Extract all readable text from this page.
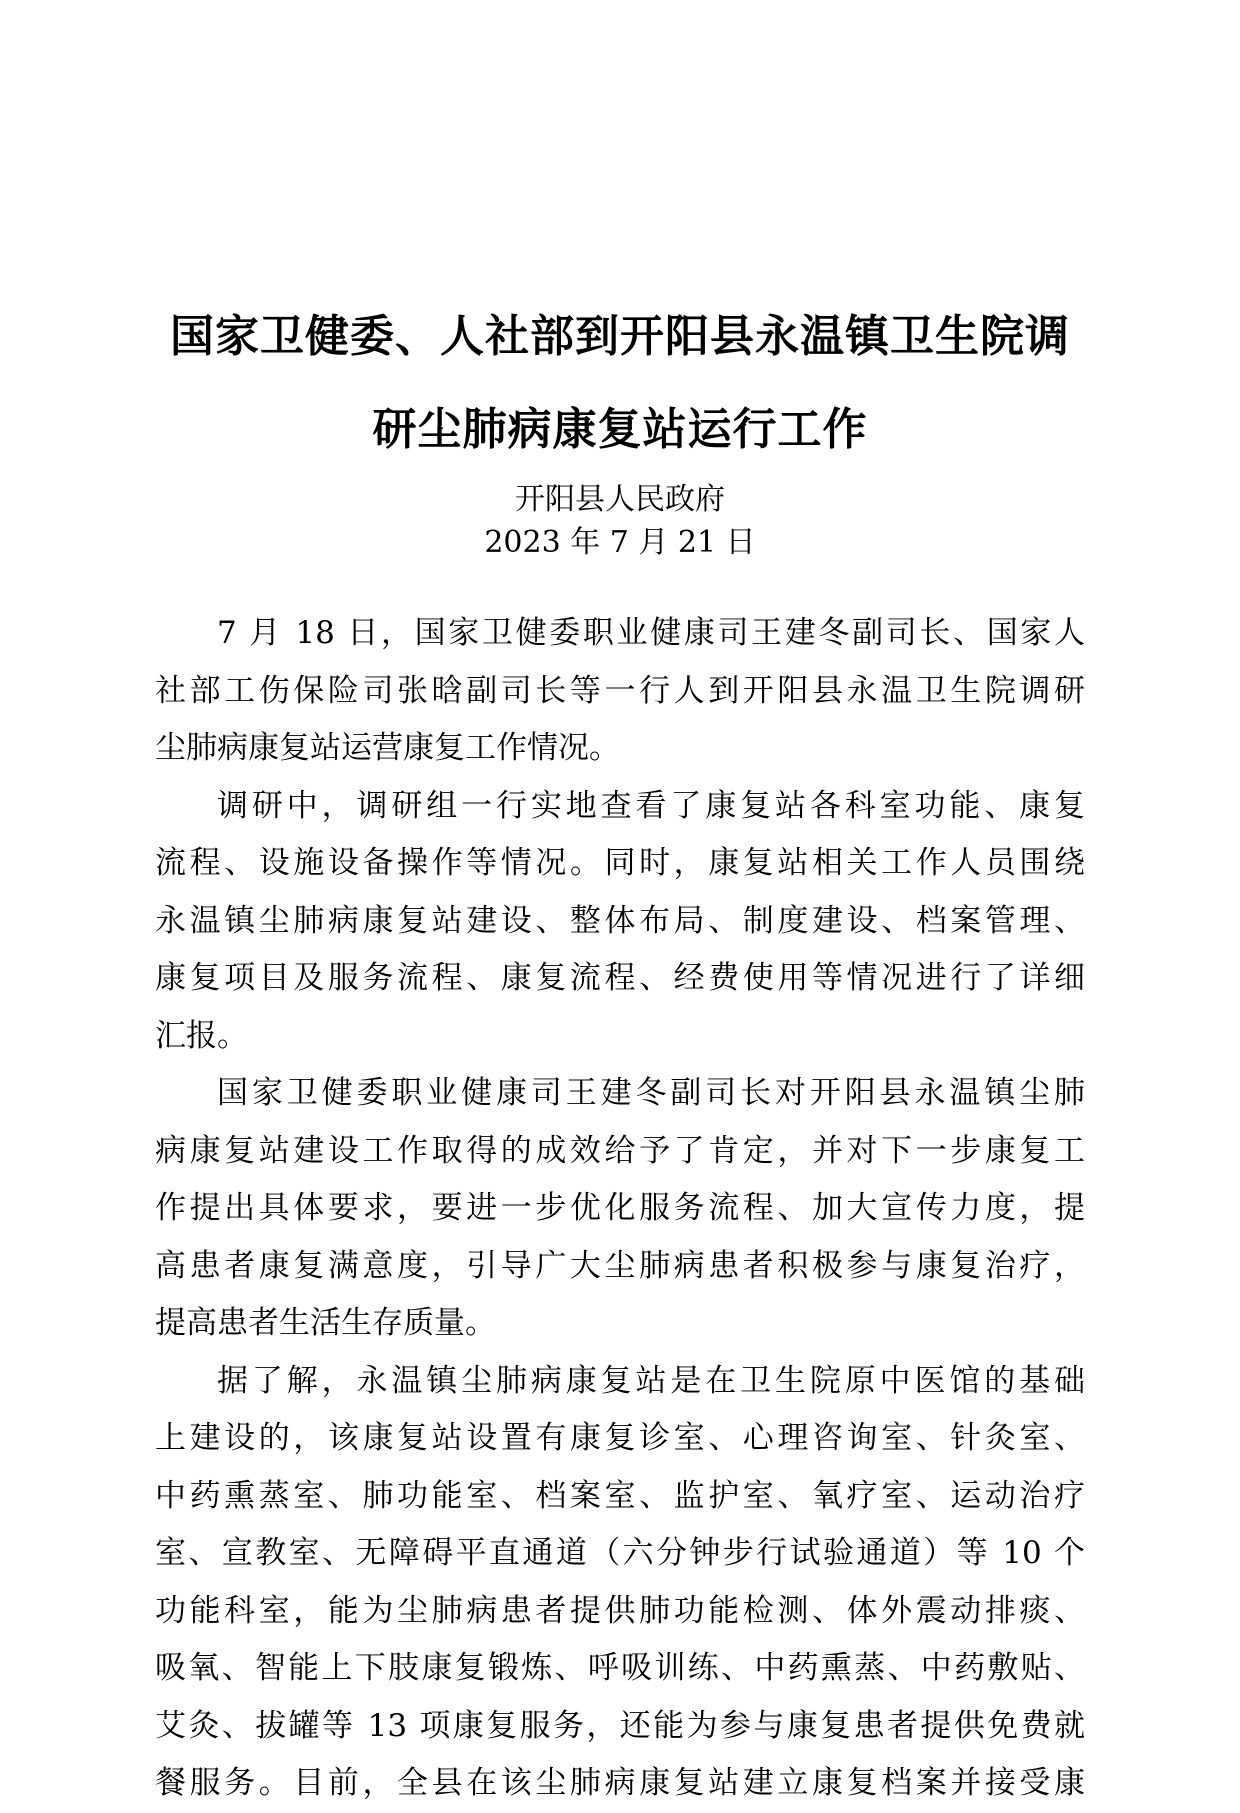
国家卫健委、人社部到开阳县永温镇卫生院调
研尘肺病康复站运行工作
开阳县人民政府
2023 年 7 月 21 日
7 月 18 日，国家卫健委职业健康司王建冬副司长、国家人
社部工伤保险司张晗副司长等一行人到开阳县永温卫生院调研
尘肺病康复站运营康复工作情况。
调研中，调研组一行实地查看了康复站各科室功能、康复
流程、设施设备操作等情况。同时，康复站相关工作人员围绕
永温镇尘肺病康复站建设、整体布局、制度建设、档案管理、
康复项目及服务流程、康复流程、经费使用等情况进行了详细
汇报。
国家卫健委职业健康司王建冬副司长对开阳县永温镇尘肺
病康复站建设工作取得的成效给予了肯定，并对下一步康复工
作提出具体要求，要进一步优化服务流程、加大宣传力度，提
高患者康复满意度，引导广大尘肺病患者积极参与康复治疗，
提高患者生活生存质量。
据了解，永温镇尘肺病康复站是在卫生院原中医馆的基础
上建设的，该康复站设置有康复诊室、心理咨询室、针灸室、
中药熏蒸室、肺功能室、档案室、监护室、氧疗室、运动治疗
室、宣教室、无障碍平直通道（六分钟步行试验通道）等 10 个
功能科室，能为尘肺病患者提供肺功能检测、体外震动排痰、
吸氧、智能上下肢康复锻炼、呼吸训练、中药熏蒸、中药敷贴、
艾灸、拔罐等 13 项康复服务，还能为参与康复患者提供免费就
餐服务。目前，全县在该尘肺病康复站建立康复档案并接受康
